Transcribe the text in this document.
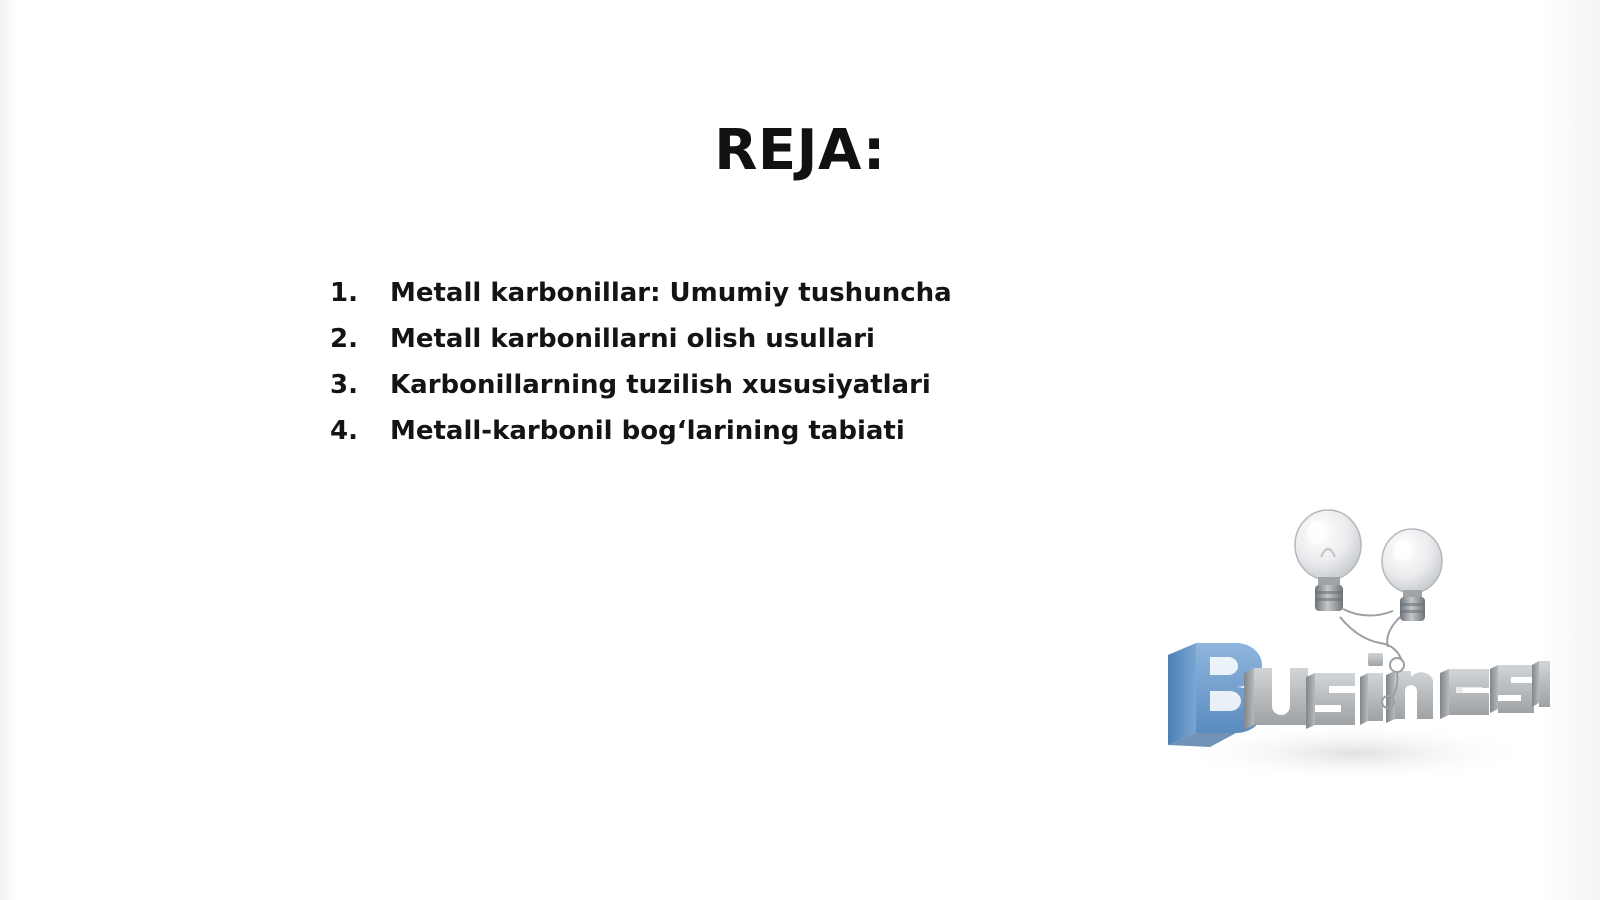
REJA:
1.	Metall karbonillar: Umumiy tushuncha
2.	Metall karbonillarni olish usullari
3.	Karbonillarning tuzilish xususiyatlari
4.	Metall-karbonil bog‘larining tabiati
